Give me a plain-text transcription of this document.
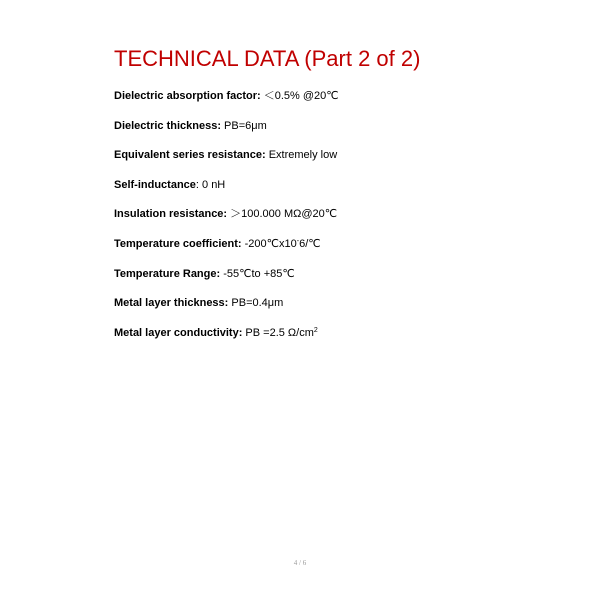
TECHNICAL DATA (Part 2 of 2)
Dielectric absorption factor: ＜0.5% @20℃
Dielectric thickness: PB=6μm
Equivalent series resistance: Extremely low
Self-inductance: 0 nH
Insulation resistance: ＞100.000 MΩ@20℃
Temperature coefficient: -200℃x10-6/℃
Temperature Range: -55℃to +85℃
Metal layer thickness: PB=0.4μm
Metal layer conductivity: PB =2.5 $\Omega/cm^2$
4 / 6
